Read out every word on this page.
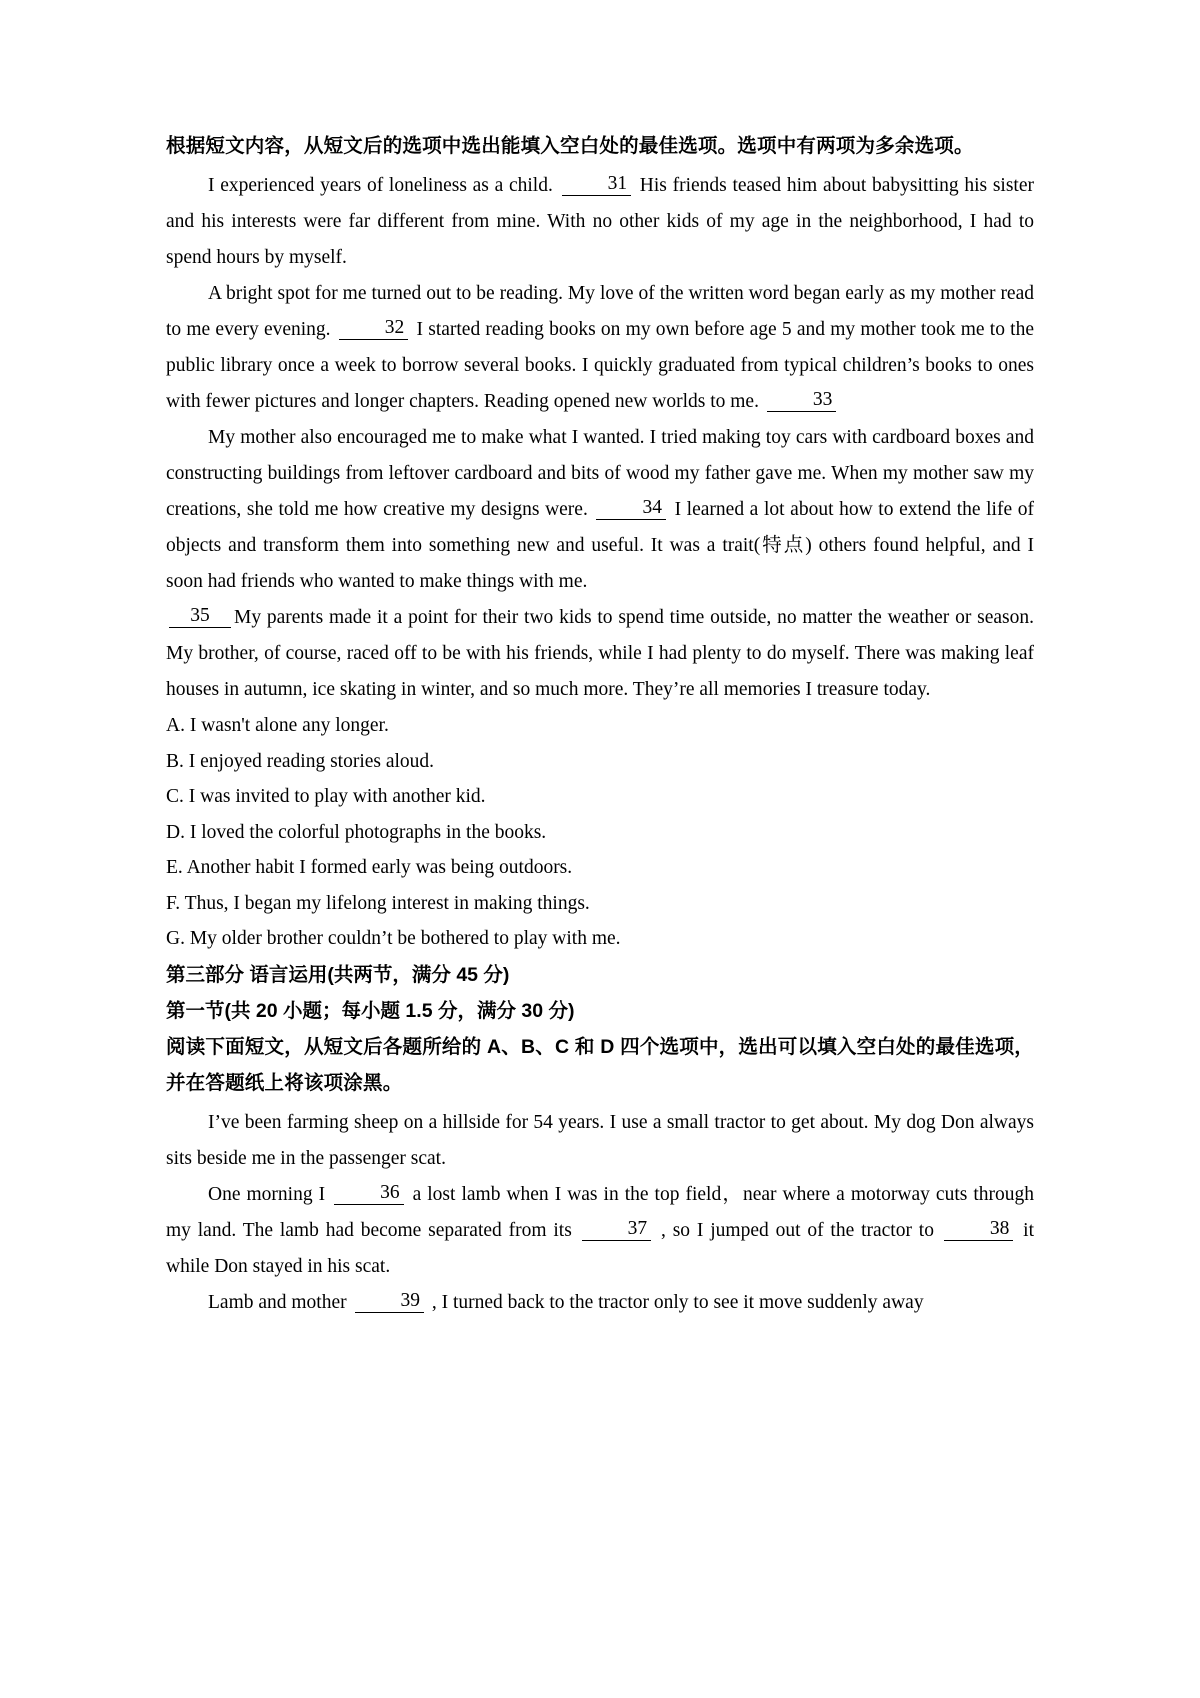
根据短文内容，从短文后的选项中选出能填入空白处的最佳选项。选项中有两项为多余选项。

I experienced years of loneliness as a child.	31 His friends teased him about babysitting his sister and his interests were far different from mine. With no other kids of my age in the neighborhood, I had to spend hours by myself.

A bright spot for me turned out to be reading. My love of the written word began early as my mother read to me every evening.	32 I started reading books on my own before age 5 and my mother took me to the public library once a week to borrow several books. I quickly graduated from typical children’s books to ones with fewer pictures and longer chapters. Reading opened new worlds to me.	33

My mother also encouraged me to make what I wanted. I tried making toy cars with cardboard boxes and constructing buildings from leftover cardboard and bits of wood my father gave me. When my mother saw my creations, she told me how creative my designs were.	34 I learned a lot about how to extend the life of objects and transform them into something new and useful. It was a trait(特点) others found helpful, and I soon had friends who wanted to make things with me.

35 My parents made it a point for their two kids to spend time outside, no matter the weather or season. My brother, of course, raced off to be with his friends, while I had plenty to do myself. There was making leaf houses in autumn, ice skating in winter, and so much more. They’re all memories I treasure today.

A. I wasn't alone any longer.

B. I enjoyed reading stories aloud.

C. I was invited to play with another kid.

D. I loved the colorful photographs in the books.

E. Another habit I formed early was being outdoors.

F. Thus, I began my lifelong interest in making things.

G. My older brother couldn’t be bothered to play with me.

第三部分 语言运用(共两节，满分 45 分)

第一节(共 20 小题；每小题 1.5 分，满分 30 分)

阅读下面短文，从短文后各题所给的 A、B、C 和 D 四个选项中，选出可以填入空白处的最佳选项，并在答题纸上将该项涂黑。

I’ve been farming sheep on a hillside for 54 years. I use a small tractor to get about. My dog Don always sits beside me in the passenger scat.

One morning I	36 a lost lamb when I was in the top field，near where a motorway cuts through my land. The lamb had become separated from its	37 , so I jumped out of the tractor to	38 it while Don stayed in his scat.

Lamb and mother	39 , I turned back to the tractor only to see it move suddenly away
